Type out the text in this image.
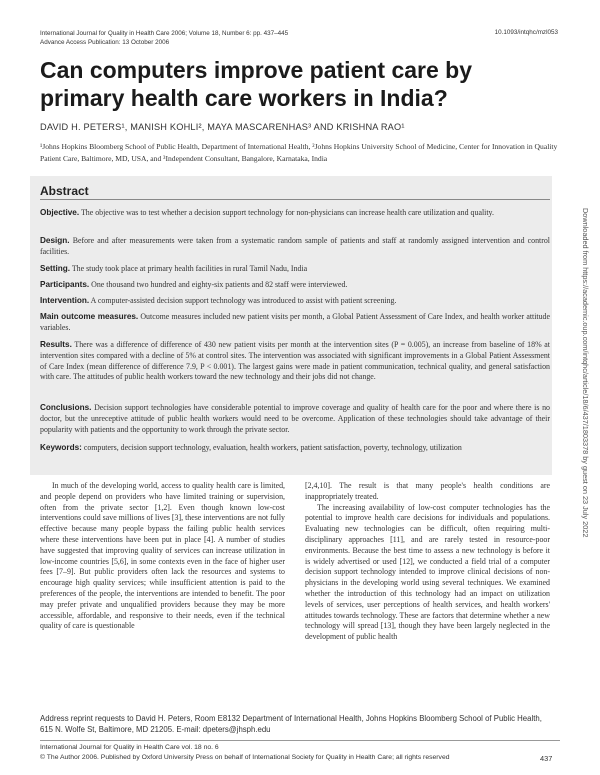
International Journal for Quality in Health Care 2006; Volume 18, Number 6: pp. 437–445
Advance Access Publication: 13 October 2006
10.1093/intqhc/mzl053
Can computers improve patient care by primary health care workers in India?
DAVID H. PETERS¹, MANISH KOHLI², MAYA MASCARENHAS³ AND KRISHNA RAO¹
¹Johns Hopkins Bloomberg School of Public Health, Department of International Health, ²Johns Hopkins University School of Medicine, Center for Innovation in Quality Patient Care, Baltimore, MD, USA, and ³Independent Consultant, Bangalore, Karnataka, India
Abstract
Objective. The objective was to test whether a decision support technology for non-physicians can increase health care utilization and quality.
Design. Before and after measurements were taken from a systematic random sample of patients and staff at randomly assigned intervention and control facilities.
Setting. The study took place at primary health facilities in rural Tamil Nadu, India
Participants. One thousand two hundred and eighty-six patients and 82 staff were interviewed.
Intervention. A computer-assisted decision support technology was introduced to assist with patient screening.
Main outcome measures. Outcome measures included new patient visits per month, a Global Patient Assessment of Care Index, and health worker attitude variables.
Results. There was a difference of difference of 430 new patient visits per month at the intervention sites (P = 0.005), an increase from baseline of 18% at intervention sites compared with a decline of 5% at control sites. The intervention was associated with significant improvements in a Global Patient Assessment of Care Index (mean difference of difference 7.9, P < 0.001). The largest gains were made in patient communication, technical quality, and general satisfaction with care. The attitudes of public health workers toward the new technology and their jobs did not change.
Conclusions. Decision support technologies have considerable potential to improve coverage and quality of health care for the poor and where there is no doctor, but the unreceptive attitude of public health workers would need to be overcome. Application of these technologies should take advantage of their popularity with patients and the opportunity to work through the private sector.
Keywords: computers, decision support technology, evaluation, health workers, patient satisfaction, poverty, technology, utilization

In much of the developing world, access to quality health care is limited, and people depend on providers who have limited training or supervision, often from the private sector [1,2]. Even though known low-cost interventions could save millions of lives [3], these interventions are not fully effective because many people bypass the failing public health services where these interventions have been put in place [4]. A number of studies have suggested that improving quality of services can increase utilization in low-income countries [5,6], in some contexts even in the face of higher user fees [7–9]. But public providers often lack the resources and systems to encourage high quality services; while insufficient attention is paid to the preferences of the people, the interventions are intended to benefit. The poor may prefer private and unqualified providers because they may be more accessible, affordable, and responsive to their needs, even if the technical quality of care is questionable

[2,4,10]. The result is that many people's health conditions are inappropriately treated.

The increasing availability of low-cost computer technologies has the potential to improve health care decisions for individuals and populations. Evaluating new technologies can be difficult, often requiring multi-disciplinary approaches [11], and are rarely tested in resource-poor environments. Because the best time to assess a new technology is before it is widely advertised or used [12], we conducted a field trial of a computer decision support technology intended to improve clinical decisions of non-physicians in the developing world using several techniques. We examined whether the introduction of this technology had an impact on utilization levels of services, user perceptions of health services, and health workers' attitudes towards technology. These are factors that determine whether a new technology will spread [13], though they have been largely neglected in the development of public health

Address reprint requests to David H. Peters, Room E8132 Department of International Health, Johns Hopkins Bloomberg School of Public Health, 615 N. Wolfe St, Baltimore, MD 21205. E-mail: dpeters@jhsph.edu
International Journal for Quality in Health Care vol. 18 no. 6
© The Author 2006. Published by Oxford University Press on behalf of International Society for Quality in Health Care; all rights reserved	437
Downloaded from https://academic.oup.com/intqhc/article/18/6/437/1803378 by guest on 23 July 2022
